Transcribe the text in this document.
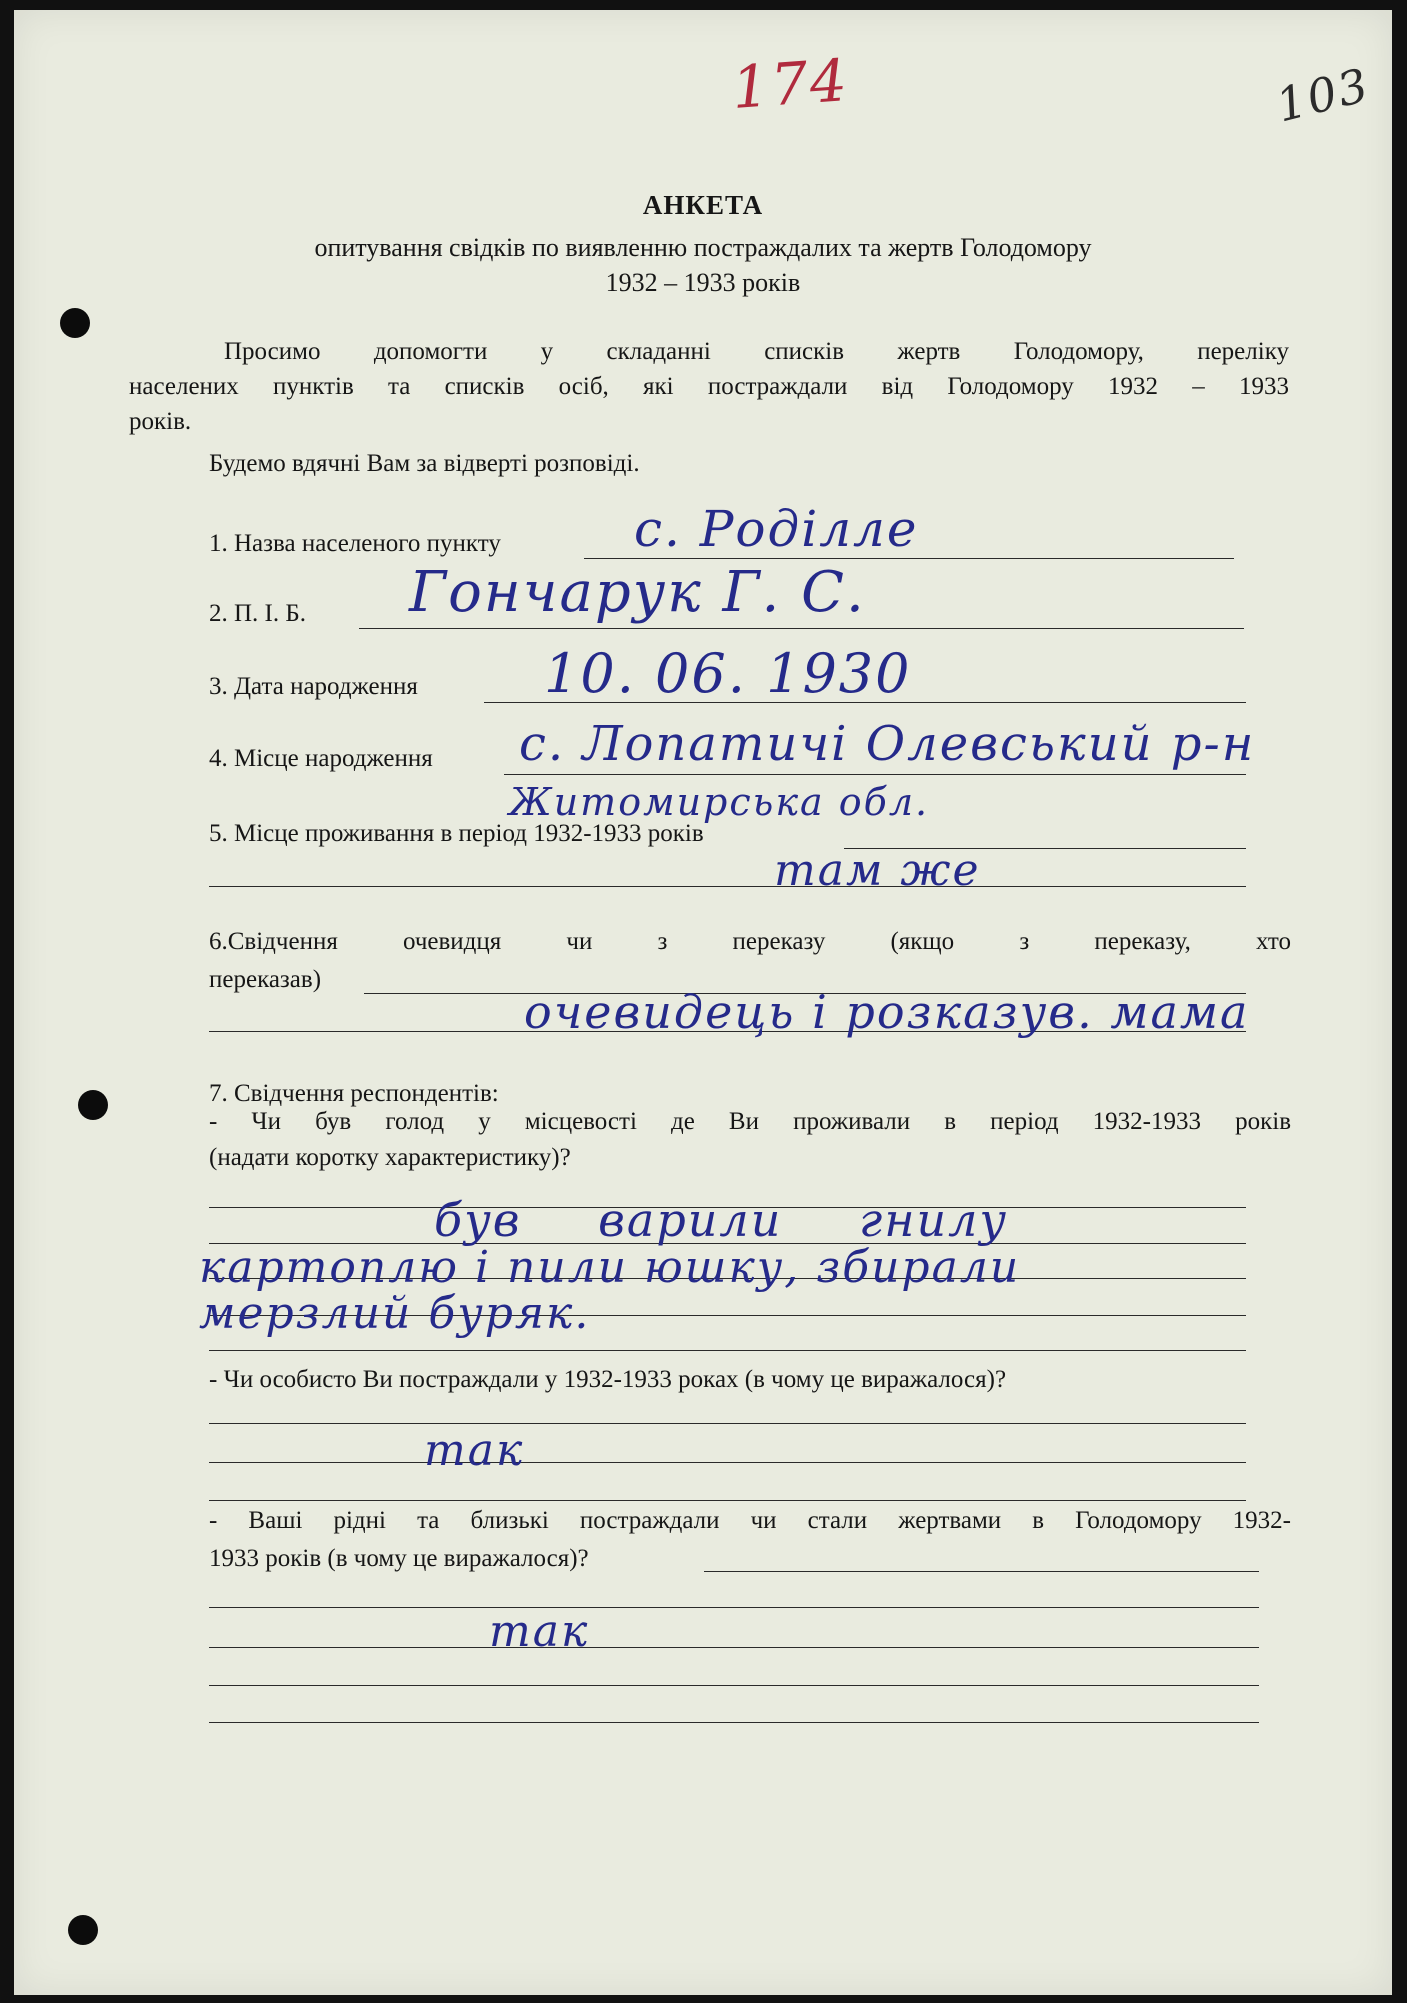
174	103
АНКЕТА
опитування свідків по виявленню постраждалих та жертв Голодомору
1932 – 1933 років
Просимо допомогти у складанні списків жертв Голодомору, переліку
населених пунктів та списків осіб, які постраждали від Голодомору 1932 – 1933
років.
Будемо вдячні Вам за відверті розповіді.
1. Назва населеного пункту	с. Роділле
2. П. І. Б. Гончарук Г. С.
3. Дата народження 10. 06. 1930
4. Місце народження с. Лопатичі Олевський р-н
Житомирська обл.
5. Місце проживання в період 1932-1933 років
там же
6.Свідчення очевидця чи з переказу (якщо з переказу, хто
переказав)
очевидець і розказув. мама
7. Свідчення респондентів:
- Чи був голод у місцевості де Ви проживали в період 1932-1933 років
(надати коротку характеристику)?
був варили гнилу
картоплю і пили юшку, збирали
мерзлий буряк.
- Чи особисто Ви постраждали у 1932-1933 роках (в чому це виражалося)?
так
- Ваші рідні та близькі постраждали чи стали жертвами в Голодомору 1932-
1933 років (в чому це виражалося)?
так
